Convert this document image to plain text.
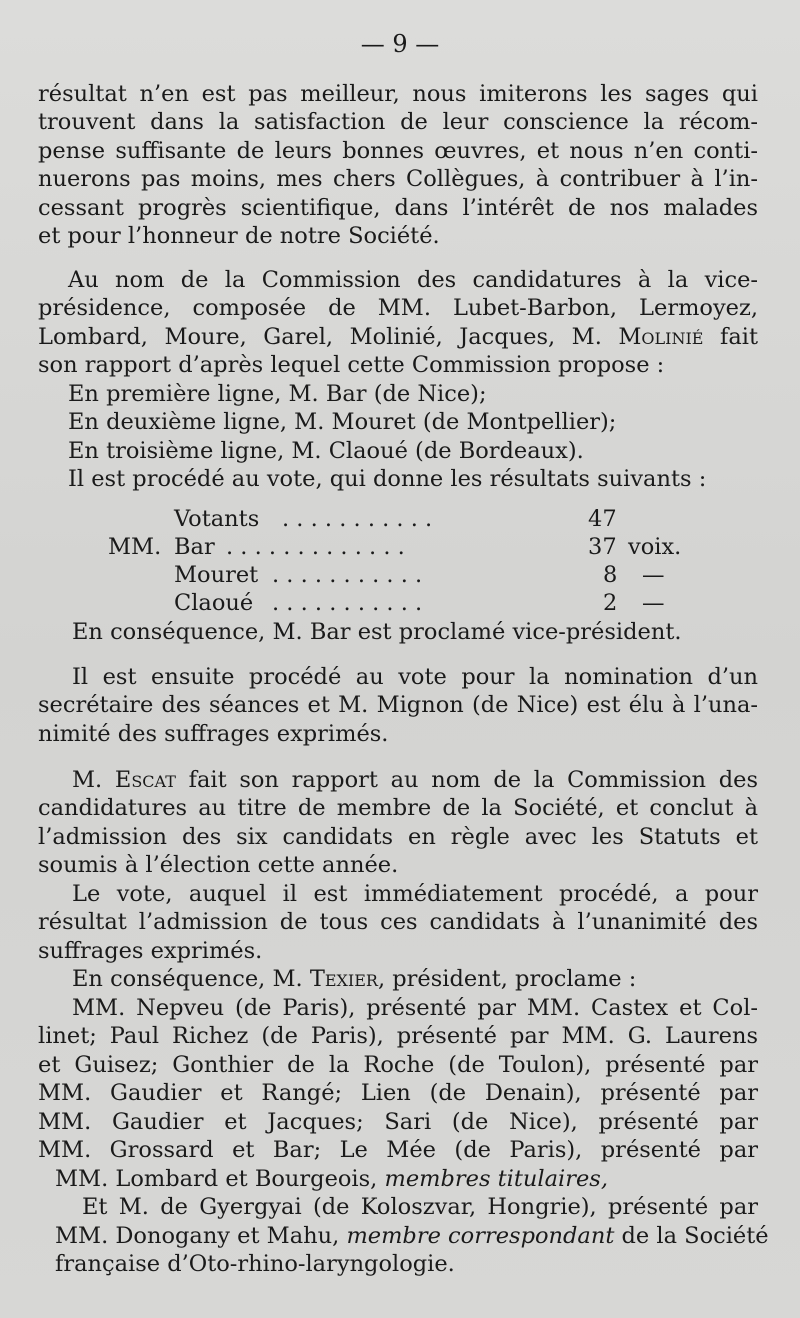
— 9 —
résultat n’en est pas meilleur, nous imiterons les sages qui
trouvent dans la satisfaction de leur conscience la récom-
pense suffisante de leurs bonnes œuvres, et nous n’en conti-
nuerons pas moins, mes chers Collègues, à contribuer à l’in-
cessant progrès scientifique, dans l’intérêt de nos malades
et pour l’honneur de notre Société.
Au nom de la Commission des candidatures à la vice-
présidence, composée de MM. Lubet-Barbon, Lermoyez,
Lombard, Moure, Garel, Molinié, Jacques, M. Molinié fait
son rapport d’après lequel cette Commission propose :
En première ligne, M. Bar (de Nice);
En deuxième ligne, M. Mouret (de Montpellier);
En troisième ligne, M. Claoué (de Bordeaux).
Il est procédé au vote, qui donne les résultats suivants :
Votants . . . . . . . . . . .	47
MM. Bar . . . . . . . . . . . . .	37 voix.
Mouret . . . . . . . . . . .	8 —
Claoué . . . . . . . . . . .	2 —
En conséquence, M. Bar est proclamé vice-président.
Il est ensuite procédé au vote pour la nomination d’un
secrétaire des séances et M. Mignon (de Nice) est élu à l’una-
nimité des suffrages exprimés.
M. Escat fait son rapport au nom de la Commission des
candidatures au titre de membre de la Société, et conclut à
l’admission des six candidats en règle avec les Statuts et
soumis à l’élection cette année.
Le vote, auquel il est immédiatement procédé, a pour
résultat l’admission de tous ces candidats à l’unanimité des
suffrages exprimés.
En conséquence, M. Texier, président, proclame :
MM. Nepveu (de Paris), présenté par MM. Castex et Col-
linet; Paul Richez (de Paris), présenté par MM. G. Laurens
et Guisez; Gonthier de la Roche (de Toulon), présenté par
MM. Gaudier et Rangé; Lien (de Denain), présenté par
MM. Gaudier et Jacques; Sari (de Nice), présenté par
MM. Grossard et Bar; Le Mée (de Paris), présenté par
MM. Lombard et Bourgeois, membres titulaires,
Et M. de Gyergyai (de Koloszvar, Hongrie), présenté par
MM. Donogany et Mahu, membre correspondant de la Société
française d’Oto-rhino-laryngologie.
